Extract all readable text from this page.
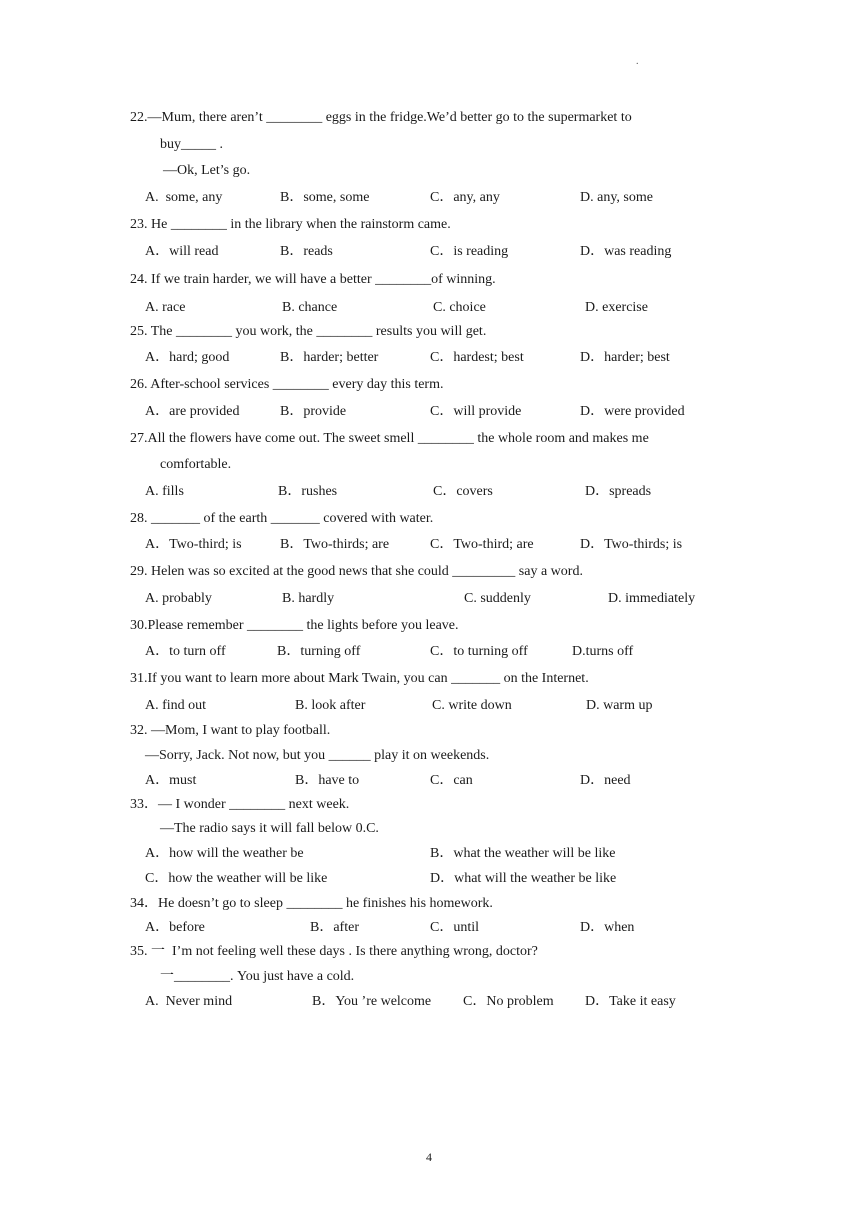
.
22.—Mum, there aren’t ________ eggs in the fridge.We’d better go to the supermarket to
buy_____ .
—Ok, Let’s go.
A.  some, any	B．some, some	C．any, any	D. any, some
23. He ________ in the library when the rainstorm came.
A．will read	B．reads	C．is reading	D．was reading
24. If we train harder, we will have a better ________of winning.
A. race	B. chance	C. choice	D. exercise
25. The ________ you work, the ________ results you will get.
A．hard; good	B．harder; better	C．hardest; best	D．harder; best
26. After-school services ________ every day this term.
A．are provided	B．provide	C．will provide	D．were provided
27.All the flowers have come out. The sweet smell ________ the whole room and makes me
comfortable.
A. fills	B．rushes	C．covers	D．spreads
28. _______ of the earth _______ covered with water.
A．Two-third; is	B．Two-thirds; are	C．Two-third; are	D．Two-thirds; is
29. Helen was so excited at the good news that she could _________ say a word.
A. probably	B. hardly	C. suddenly	D. immediately
30.Please remember ________ the lights before you leave.
A．to turn off	B．turning off	C．to turning off	D.turns off
31.If you want to learn more about Mark Twain, you can _______ on the Internet.
A. find out	B. look after	C. write down	D. warm up
32. —Mom, I want to play football.
—Sorry, Jack. Not now, but you ______ play it on weekends.
A．must	B．have to	C．can	D．need
33．— I wonder ________ next week.
—The radio says it will fall below 0.C.
A．how will the weather be	B．what the weather will be like
C．how the weather will be like	D．what will the weather be like
34．He doesn’t go to sleep ________ he finishes his homework.
A．before	B．after	C．until	D．when
35. 一  I’m not feeling well these days . Is there anything wrong, doctor?
一________. You just have a cold.
A.  Never mind	B．You ’re welcome C．No problem D．Take it easy
4
